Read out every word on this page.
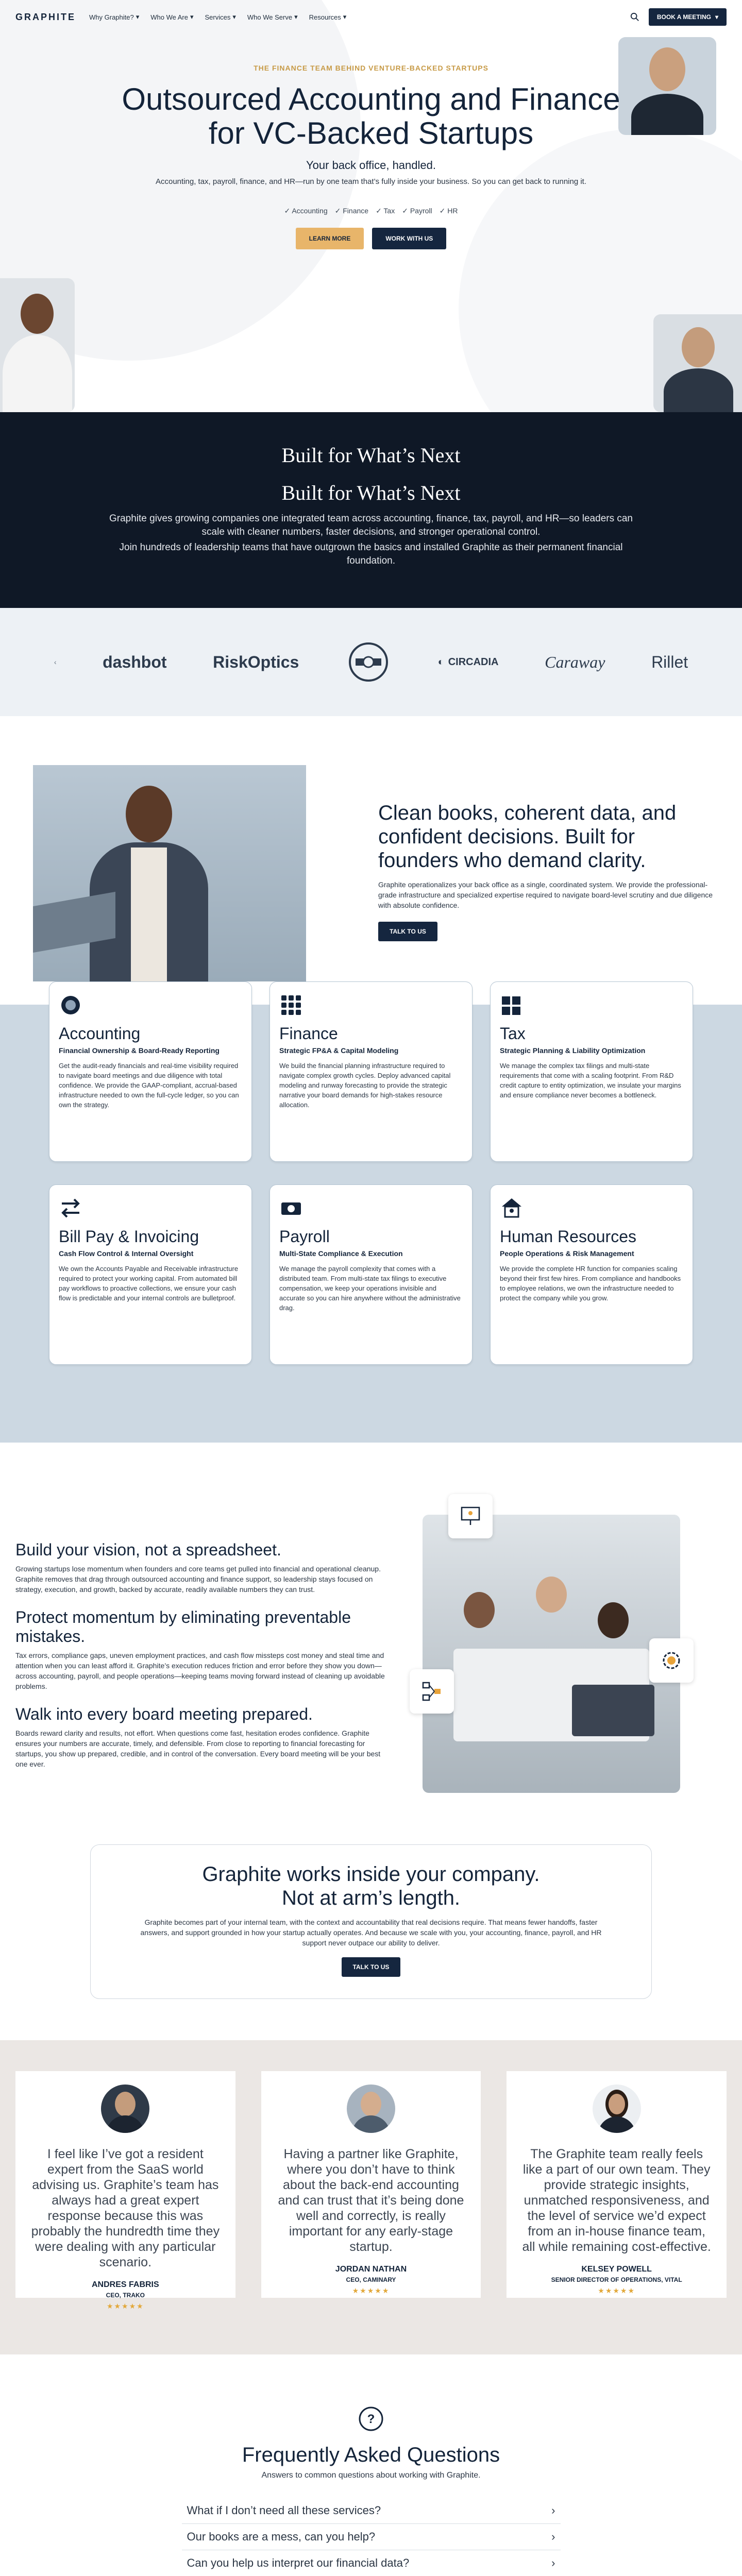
GRAPHITE Why Graphite? ▾ Who We Are ▾ Services ▾ Who We Serve ▾ Resources ▾	BOOK A MEETING ▾
THE FINANCE TEAM BEHIND VENTURE-BACKED STARTUPS
Outsourced Accounting and Finance
for VC-Backed Startups
Your back office, handled.
Accounting, tax, payroll, finance, and HR—run by one team that’s fully inside your business. So you can get back to running it.
✓ Accounting ✓ Finance ✓ Tax ✓ Payroll ✓ HR
LEARN MORE	WORK WITH US
Built for What’s Next
Built for What’s Next

Graphite gives growing companies one integrated team across accounting, finance, tax, payroll, and HR—so leaders can scale with cleaner numbers, faster decisions, and stronger operational control.

Join hundreds of leadership teams that have outgrown the basics and installed Graphite as their permanent financial foundation.

‹	dashbot	RiskOptics	◐ CIRCADIA	Caraway	Rillet
Clean books, coherent data, and confident decisions. Built for founders who demand clarity.

Graphite operationalizes your back office as a single, coordinated system. We provide the professional-grade infrastructure and specialized expertise required to navigate board-level scrutiny and due diligence with absolute confidence.

TALK TO US
Accounting
Financial Ownership & Board-Ready Reporting

Get the audit-ready financials and real-time visibility required to navigate board meetings and due diligence with total confidence. We provide the GAAP-compliant, accrual-based infrastructure needed to own the full-cycle ledger, so you can own the strategy.

Finance
Strategic FP&A & Capital Modeling

We build the financial planning infrastructure required to navigate complex growth cycles. Deploy advanced capital modeling and runway forecasting to provide the strategic narrative your board demands for high-stakes resource allocation.

Tax
Strategic Planning & Liability Optimization

We manage the complex tax filings and multi-state requirements that come with a scaling footprint. From R&D credit capture to entity optimization, we insulate your margins and ensure compliance never becomes a bottleneck.

Bill Pay & Invoicing
Cash Flow Control & Internal Oversight

We own the Accounts Payable and Receivable infrastructure required to protect your working capital. From automated bill pay workflows to proactive collections, we ensure your cash flow is predictable and your internal controls are bulletproof.

Payroll
Multi-State Compliance & Execution

We manage the payroll complexity that comes with a distributed team. From multi-state tax filings to executive compensation, we keep your operations invisible and accurate so you can hire anywhere without the administrative drag.

Human Resources
People Operations & Risk Management

We provide the complete HR function for companies scaling beyond their first few hires. From compliance and handbooks to employee relations, we own the infrastructure needed to protect the company while you grow.

Build your vision, not a spreadsheet.

Growing startups lose momentum when founders and core teams get pulled into financial and operational cleanup. Graphite removes that drag through outsourced accounting and finance support, so leadership stays focused on strategy, execution, and growth, backed by accurate, readily available numbers they can trust.

Protect momentum by eliminating preventable mistakes.

Tax errors, compliance gaps, uneven employment practices, and cash flow missteps cost money and steal time and attention when you can least afford it. Graphite’s execution reduces friction and error before they show you down—across accounting, payroll, and people operations—keeping teams moving forward instead of cleaning up avoidable problems.

Walk into every board meeting prepared.

Boards reward clarity and results, not effort. When questions come fast, hesitation erodes confidence. Graphite ensures your numbers are accurate, timely, and defensible. From close to reporting to financial forecasting for startups, you show up prepared, credible, and in control of the conversation. Every board meeting will be your best one ever.

Graphite works inside your company.
Not at arm’s length.

Graphite becomes part of your internal team, with the context and accountability that real decisions require. That means fewer handoffs, faster answers, and support grounded in how your startup actually operates. And because we scale with you, your accounting, finance, payroll, and HR support never outpace our ability to deliver.

TALK TO US
I feel like I’ve got a resident expert from the SaaS world advising us. Graphite’s team has always had a great expert response because this was probably the hundredth time they were dealing with any particular scenario.
ANDRES FABRIS
CEO, TRAKO
★★★★★
Having a partner like Graphite, where you don’t have to think about the back-end accounting and can trust that it’s being done well and correctly, is really important for any early-stage startup.
JORDAN NATHAN
CEO, CAMINARY
★★★★★
The Graphite team really feels like a part of our own team. They provide strategic insights, unmatched responsiveness, and the level of service we’d expect from an in-house finance team, all while remaining cost-effective.
KELSEY POWELL
SENIOR DIRECTOR OF OPERATIONS, VITAL
★★★★★
?
Frequently Asked Questions
Answers to common questions about working with Graphite.
What if I don’t need all these services?	›
Our books are a mess, can you help?	›
Can you help us interpret our financial data?	›
